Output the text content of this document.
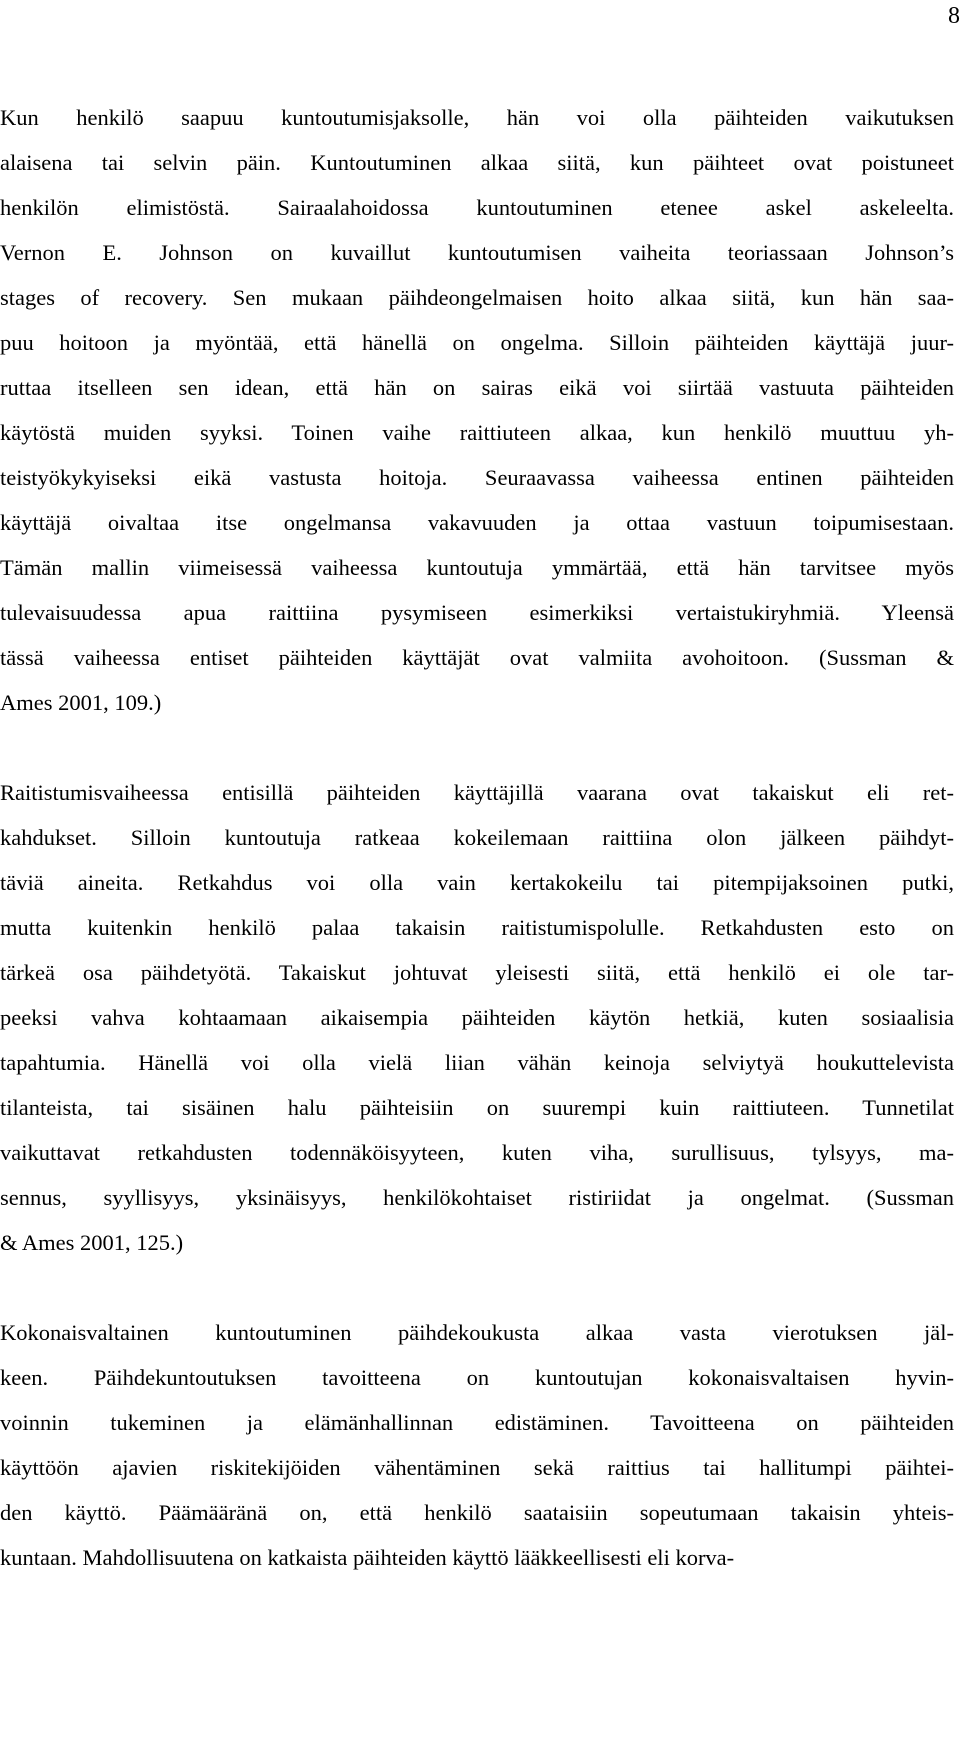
8
Kun henkilö saapuu kuntoutumisjaksolle, hän voi olla päihteiden vaikutuksen
alaisena tai selvin päin. Kuntoutuminen alkaa siitä, kun päihteet ovat poistuneet
henkilön elimistöstä. Sairaalahoidossa kuntoutuminen etenee askel askeleelta.
Vernon E. Johnson on kuvaillut kuntoutumisen vaiheita teoriassaan Johnson’s
stages of recovery. Sen mukaan päihdeongelmaisen hoito alkaa siitä, kun hän saa-
puu hoitoon ja myöntää, että hänellä on ongelma. Silloin päihteiden käyttäjä juur-
ruttaa itselleen sen idean, että hän on sairas eikä voi siirtää vastuuta päihteiden
käytöstä muiden syyksi. Toinen vaihe raittiuteen alkaa, kun henkilö muuttuu yh-
teistyökykyiseksi eikä vastusta hoitoja. Seuraavassa vaiheessa entinen päihteiden
käyttäjä oivaltaa itse ongelmansa vakavuuden ja ottaa vastuun toipumisestaan.
Tämän mallin viimeisessä vaiheessa kuntoutuja ymmärtää, että hän tarvitsee myös
tulevaisuudessa apua raittiina pysymiseen esimerkiksi vertaistukiryhmiä. Yleensä
tässä vaiheessa entiset päihteiden käyttäjät ovat valmiita avohoitoon. (Sussman &
Ames 2001, 109.)
Raitistumisvaiheessa entisillä päihteiden käyttäjillä vaarana ovat takaiskut eli ret-
kahdukset. Silloin kuntoutuja ratkeaa kokeilemaan raittiina olon jälkeen päihdyt-
täviä aineita. Retkahdus voi olla vain kertakokeilu tai pitempijaksoinen putki,
mutta kuitenkin henkilö palaa takaisin raitistumispolulle. Retkahdusten esto on
tärkeä osa päihdetyötä. Takaiskut johtuvat yleisesti siitä, että henkilö ei ole tar-
peeksi vahva kohtaamaan aikaisempia päihteiden käytön hetkiä, kuten sosiaalisia
tapahtumia. Hänellä voi olla vielä liian vähän keinoja selviytyä houkuttelevista
tilanteista, tai sisäinen halu päihteisiin on suurempi kuin raittiuteen. Tunnetilat
vaikuttavat retkahdusten todennäköisyyteen, kuten viha, surullisuus, tylsyys, ma-
sennus, syyllisyys, yksinäisyys, henkilökohtaiset ristiriidat ja ongelmat. (Sussman
& Ames 2001, 125.)
Kokonaisvaltainen kuntoutuminen päihdekoukusta alkaa vasta vierotuksen jäl-
keen. Päihdekuntoutuksen tavoitteena on kuntoutujan kokonaisvaltaisen hyvin-
voinnin tukeminen ja elämänhallinnan edistäminen. Tavoitteena on päihteiden
käyttöön ajavien riskitekijöiden vähentäminen sekä raittius tai hallitumpi päihtei-
den käyttö. Päämääränä on, että henkilö saataisiin sopeutumaan takaisin yhteis-
kuntaan. Mahdollisuutena on katkaista päihteiden käyttö lääkkeellisesti eli korva-
